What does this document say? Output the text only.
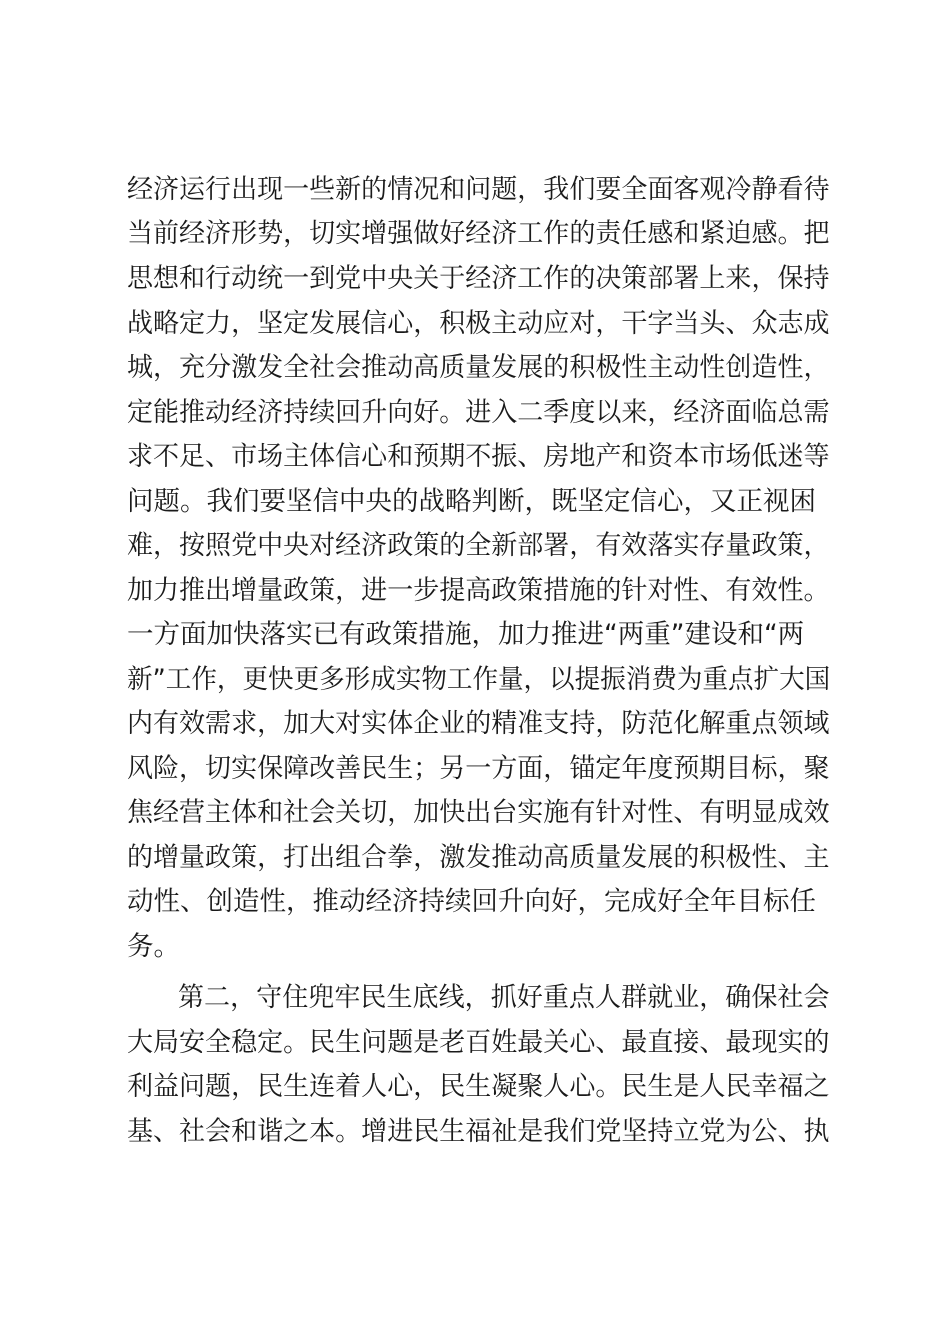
经济运行出现一些新的情况和问题，我们要全面客观冷静看待

当前经济形势，切实增强做好经济工作的责任感和紧迫感。把

思想和行动统一到党中央关于经济工作的决策部署上来，保持

战略定力，坚定发展信心，积极主动应对，干字当头、众志成

城，充分激发全社会推动高质量发展的积极性主动性创造性，

定能推动经济持续回升向好。进入二季度以来，经济面临总需

求不足、市场主体信心和预期不振、房地产和资本市场低迷等

问题。我们要坚信中央的战略判断，既坚定信心，又正视困

难，按照党中央对经济政策的全新部署，有效落实存量政策，

加力推出增量政策，进一步提高政策措施的针对性、有效性。

一方面加快落实已有政策措施，加力推进“两重”建设和“两

新”工作，更快更多形成实物工作量，以提振消费为重点扩大国

内有效需求，加大对实体企业的精准支持，防范化解重点领域

风险，切实保障改善民生；另一方面，锚定年度预期目标，聚

焦经营主体和社会关切，加快出台实施有针对性、有明显成效

的增量政策，打出组合拳，激发推动高质量发展的积极性、主

动性、创造性，推动经济持续回升向好，完成好全年目标任

务。

第二，守住兜牢民生底线，抓好重点人群就业，确保社会

大局安全稳定。民生问题是老百姓最关心、最直接、最现实的

利益问题，民生连着人心，民生凝聚人心。民生是人民幸福之

基、社会和谐之本。增进民生福祉是我们党坚持立党为公、执
